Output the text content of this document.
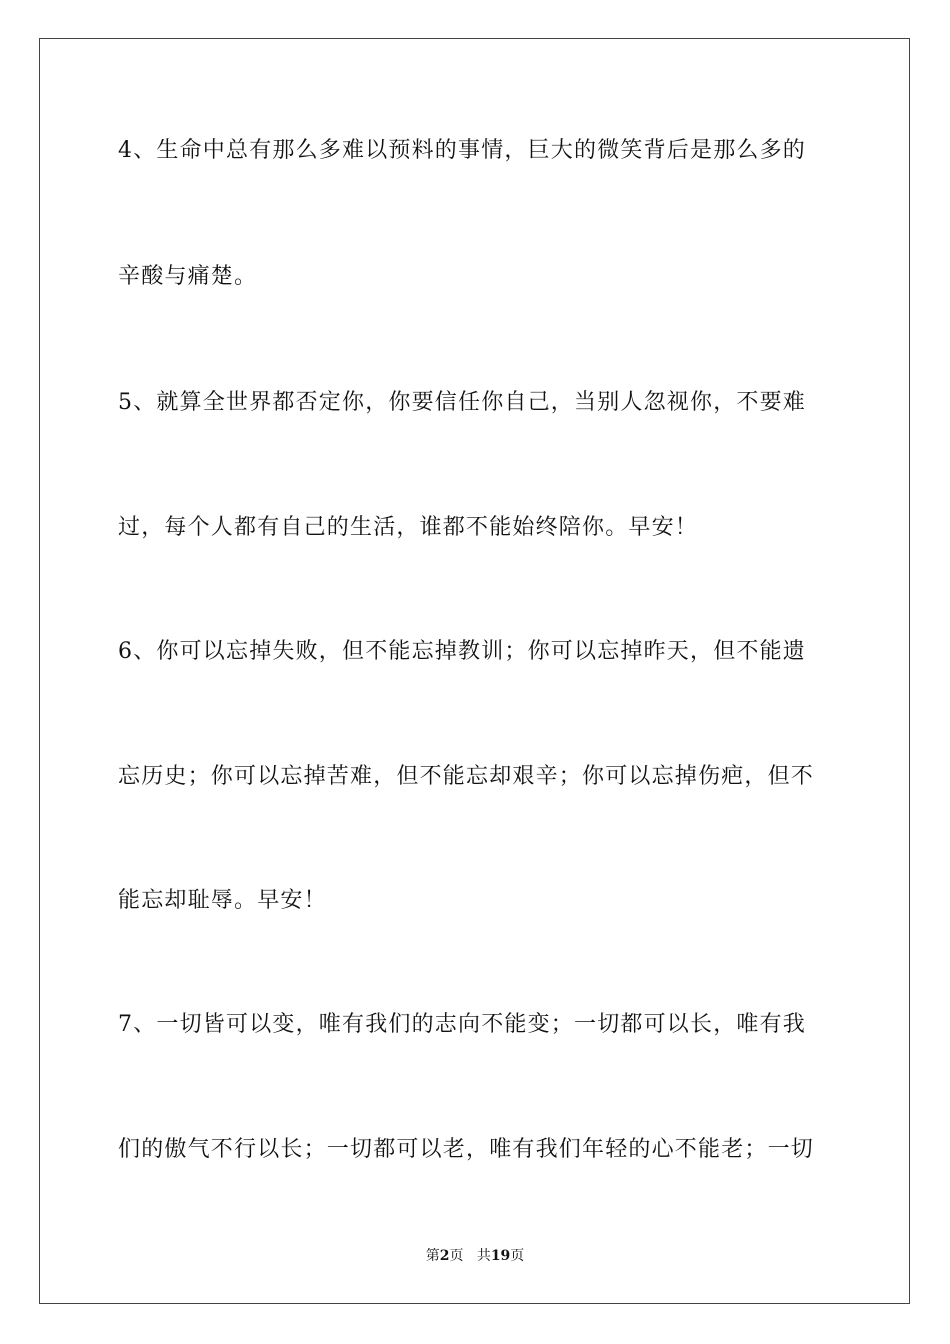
4、生命中总有那么多难以预料的事情，巨大的微笑背后是那么多的

辛酸与痛楚。

5、就算全世界都否定你，你要信任你自己，当别人忽视你，不要难

过，每个人都有自己的生活，谁都不能始终陪你。早安！

6、你可以忘掉失败，但不能忘掉教训；你可以忘掉昨天，但不能遗

忘历史；你可以忘掉苦难，但不能忘却艰辛；你可以忘掉伤疤，但不

能忘却耻辱。早安！

7、一切皆可以变，唯有我们的志向不能变；一切都可以长，唯有我

们的傲气不行以长；一切都可以老，唯有我们年轻的心不能老；一切

第2页 共19页
